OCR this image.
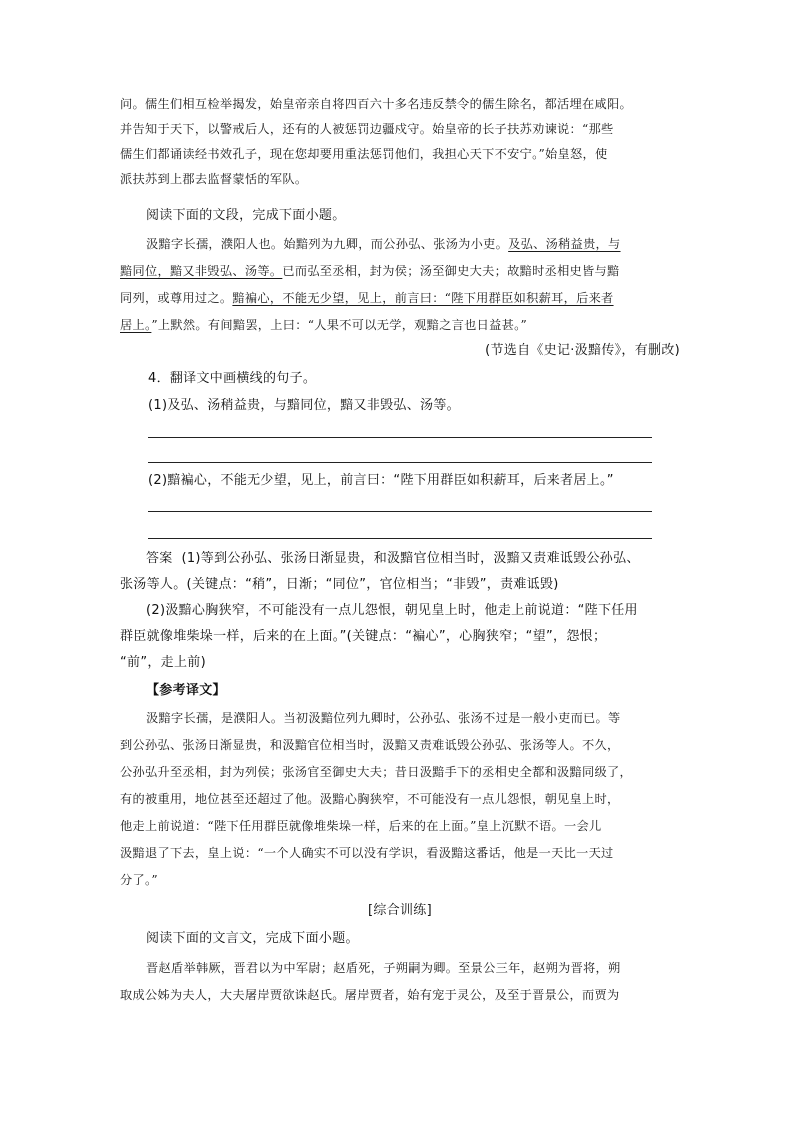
问。儒生们相互检举揭发，始皇帝亲自将四百六十多名违反禁令的儒生除名，都活埋在咸阳。

并告知于天下，以警戒后人，还有的人被惩罚边疆戍守。始皇帝的长子扶苏劝谏说：“那些

儒生们都诵读经书效孔子，现在您却要用重法惩罚他们，我担心天下不安宁。”始皇怒，使

派扶苏到上郡去监督蒙恬的军队。

阅读下面的文段，完成下面小题。

汲黯字长孺，濮阳人也。始黯列为九卿，而公孙弘、张汤为小吏。及弘、汤稍益贵，与

黯同位，黯又非毁弘、汤等。已而弘至丞相，封为侯；汤至御史大夫；故黯时丞相史皆与黯

同列，或尊用过之。黯褊心，不能无少望，见上，前言曰：“陛下用群臣如积薪耳，后来者

居上。”上默然。有间黯罢，上曰：“人果不可以无学，观黯之言也日益甚。”

(节选自《史记·汲黯传》，有删改)

4．翻译文中画横线的句子。

(1)及弘、汤稍益贵，与黯同位，黯又非毁弘、汤等。

(2)黯褊心，不能无少望，见上，前言曰：“陛下用群臣如积薪耳，后来者居上。”

答案 (1)等到公孙弘、张汤日渐显贵，和汲黯官位相当时，汲黯又责难诋毁公孙弘、

张汤等人。(关键点：“稍”，日渐；“同位”，官位相当；“非毁”，责难诋毁)

(2)汲黯心胸狭窄，不可能没有一点儿怨恨，朝见皇上时，他走上前说道：“陛下任用

群臣就像堆柴垛一样，后来的在上面。”(关键点：“褊心”，心胸狭窄；“望”，怨恨；

“前”，走上前)

【参考译文】

汲黯字长孺，是濮阳人。当初汲黯位列九卿时，公孙弘、张汤不过是一般小吏而已。等

到公孙弘、张汤日渐显贵，和汲黯官位相当时，汲黯又责难诋毁公孙弘、张汤等人。不久，

公孙弘升至丞相，封为列侯；张汤官至御史大夫；昔日汲黯手下的丞相史全都和汲黯同级了，

有的被重用，地位甚至还超过了他。汲黯心胸狭窄，不可能没有一点儿怨恨，朝见皇上时，

他走上前说道：“陛下任用群臣就像堆柴垛一样，后来的在上面。”皇上沉默不语。一会儿

汲黯退了下去，皇上说：“一个人确实不可以没有学识，看汲黯这番话，他是一天比一天过

分了。”

[综合训练]

阅读下面的文言文，完成下面小题。

晋赵盾举韩厥，晋君以为中军尉；赵盾死，子朔嗣为卿。至景公三年，赵朔为晋将，朔

取成公姊为夫人，大夫屠岸贾欲诛赵氏。屠岸贾者，始有宠于灵公，及至于晋景公，而贾为
